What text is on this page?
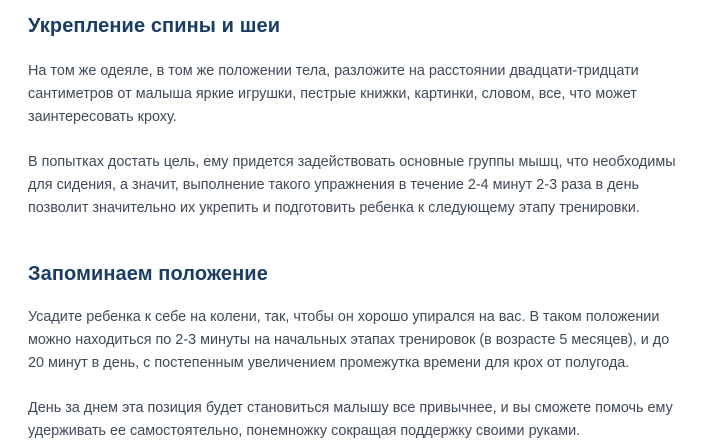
Укрепление спины и шеи

На том же одеяле, в том же положении тела, разложите на расстоянии двадцати-тридцати сантиметров от малыша яркие игрушки, пестрые книжки, картинки, словом, все, что может заинтересовать кроху.

В попытках достать цель, ему придется задействовать основные группы мышц, что необходимы для сидения, а значит, выполнение такого упражнения в течение 2-4 минут 2-3 раза в день позволит значительно их укрепить и подготовить ребенка к следующему этапу тренировки.

Запоминаем положение

Усадите ребенка к себе на колени, так, чтобы он хорошо упирался на вас. В таком положении можно находиться по 2-3 минуты на начальных этапах тренировок (в возрасте 5 месяцев), и до 20 минут в день, с постепенным увеличением промежутка времени для крох от полугода.

День за днем эта позиция будет становиться малышу все привычнее, и вы сможете помочь ему удерживать ее самостоятельно, понемножку сокращая поддержку своими руками.
